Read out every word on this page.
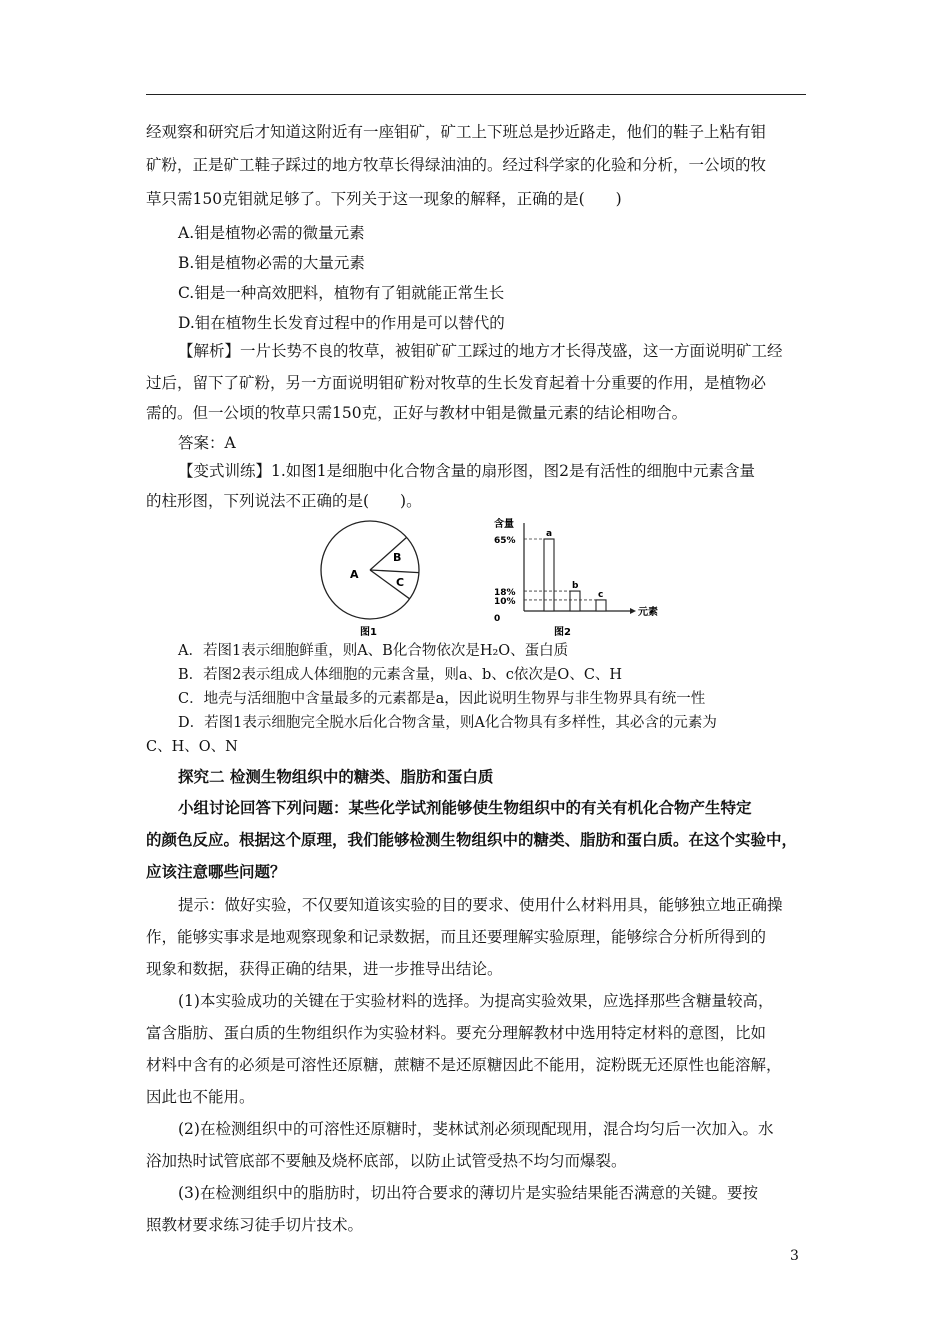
经观察和研究后才知道这附近有一座钼矿，矿工上下班总是抄近路走，他们的鞋子上粘有钼
矿粉，正是矿工鞋子踩过的地方牧草长得绿油油的。经过科学家的化验和分析，一公顷的牧
草只需150克钼就足够了。下列关于这一现象的解释，正确的是(　　)
A.钼是植物必需的微量元素
B.钼是植物必需的大量元素
C.钼是一种高效肥料，植物有了钼就能正常生长
D.钼在植物生长发育过程中的作用是可以替代的
【解析】一片长势不良的牧草，被钼矿矿工踩过的地方才长得茂盛，这一方面说明矿工经
过后，留下了矿粉，另一方面说明钼矿粉对牧草的生长发育起着十分重要的作用，是植物必
需的。但一公顷的牧草只需150克，正好与教材中钼是微量元素的结论相吻合。
答案：A
【变式训练】1.如图1是细胞中化合物含量的扇形图，图2是有活性的细胞中元素含量
的柱形图，下列说法不正确的是(　　)。
A
B
C
图1
含量
元素
65%
18%
10%
0
a
b
c
图2
A．若图1表示细胞鲜重，则A、B化合物依次是H₂O、蛋白质
B．若图2表示组成人体细胞的元素含量，则a、b、c依次是O、C、H
C．地壳与活细胞中含量最多的元素都是a，因此说明生物界与非生物界具有统一性
D．若图1表示细胞完全脱水后化合物含量，则A化合物具有多样性，其必含的元素为
C、H、O、N
探究二 检测生物组织中的糖类、脂肪和蛋白质
小组讨论回答下列问题：某些化学试剂能够使生物组织中的有关有机化合物产生特定
的颜色反应。根据这个原理，我们能够检测生物组织中的糖类、脂肪和蛋白质。在这个实验中，
应该注意哪些问题？
提示：做好实验，不仅要知道该实验的目的要求、使用什么材料用具，能够独立地正确操
作，能够实事求是地观察现象和记录数据，而且还要理解实验原理，能够综合分析所得到的
现象和数据，获得正确的结果，进一步推导出结论。
(1)本实验成功的关键在于实验材料的选择。为提高实验效果，应选择那些含糖量较高，
富含脂肪、蛋白质的生物组织作为实验材料。要充分理解教材中选用特定材料的意图，比如
材料中含有的必须是可溶性还原糖，蔗糖不是还原糖因此不能用，淀粉既无还原性也能溶解，
因此也不能用。
(2)在检测组织中的可溶性还原糖时，斐林试剂必须现配现用，混合均匀后一次加入。水
浴加热时试管底部不要触及烧杯底部，以防止试管受热不均匀而爆裂。
(3)在检测组织中的脂肪时，切出符合要求的薄切片是实验结果能否满意的关键。要按
照教材要求练习徒手切片技术。
3
